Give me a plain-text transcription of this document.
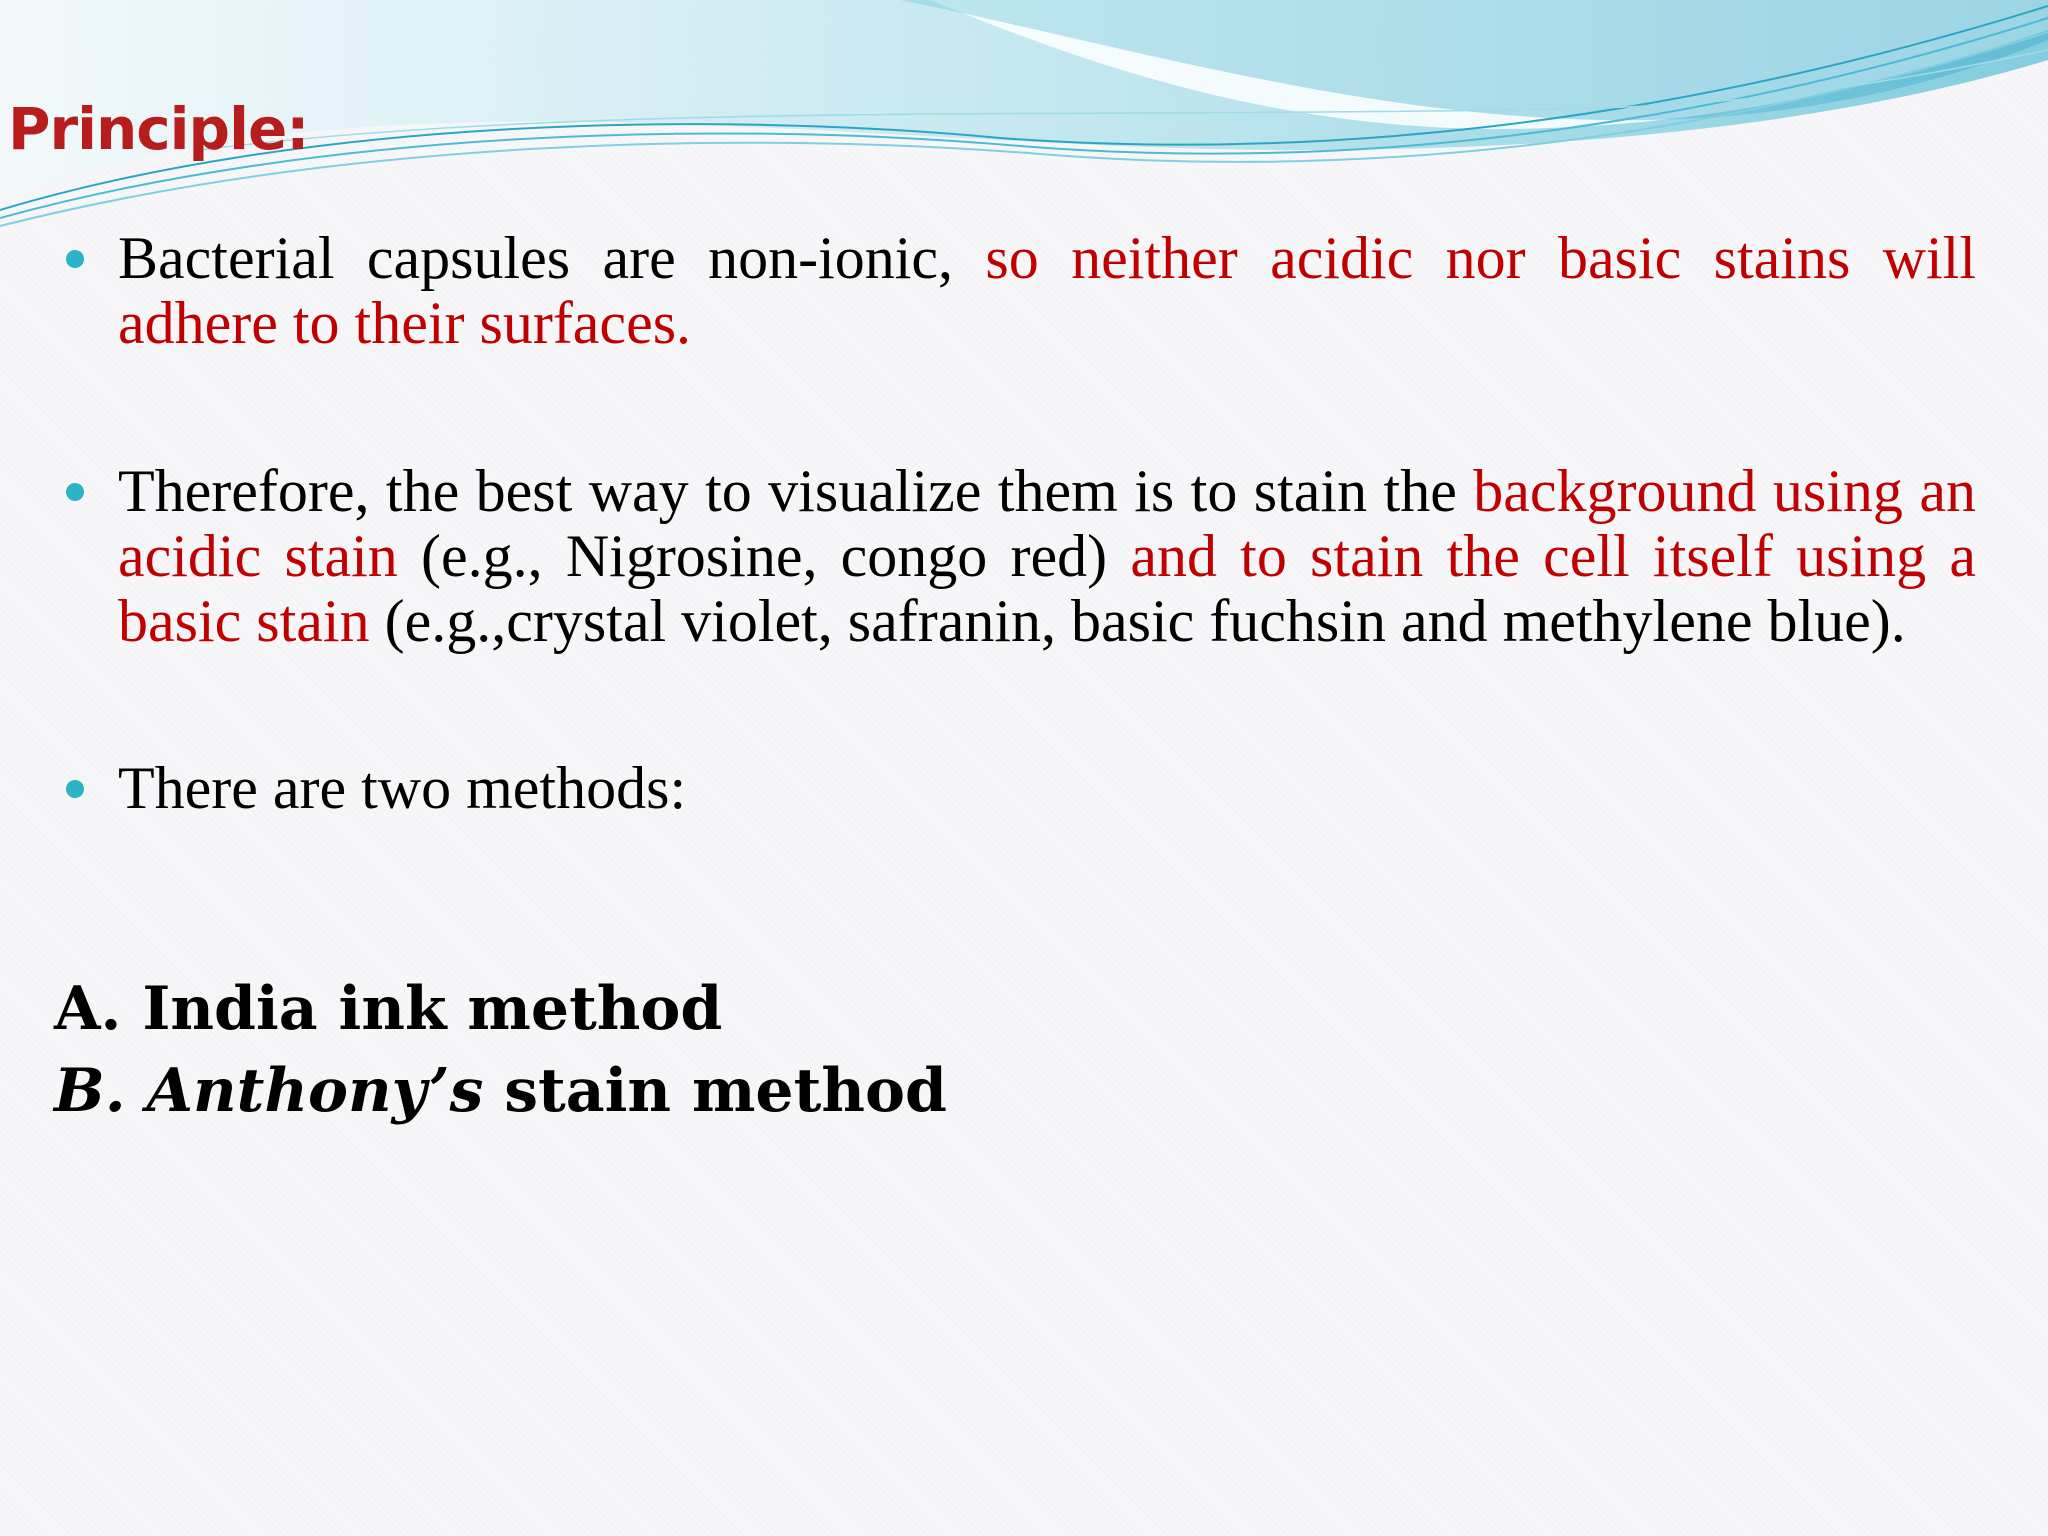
Principle:
Bacterial capsules are non-ionic, so neither acidic nor basic stains will adhere to their surfaces.
Therefore, the best way to visualize them is to stain the background using an acidic stain (e.g., Nigrosine, congo red) and to stain the cell itself using a basic stain (e.g.,crystal violet, safranin, basic fuchsin and methylene blue).
There are two methods:
A. India ink method
B. Anthony’s stain method
